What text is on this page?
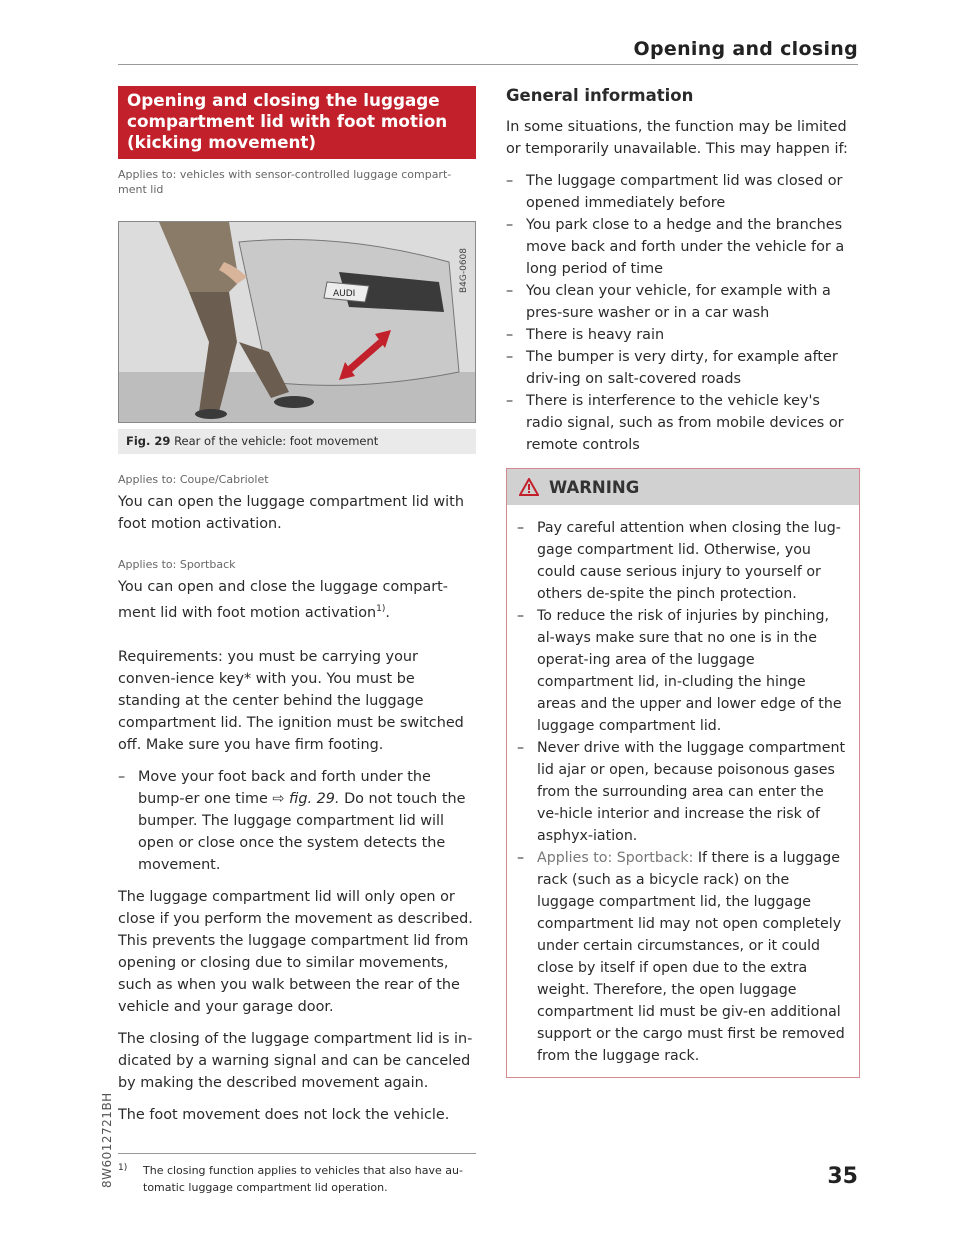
Opening and closing
Opening and closing the luggage compartment lid with foot motion (kicking movement)
Applies to: vehicles with sensor-controlled luggage compart-ment lid
AUDI
B4G-0608
Fig. 29 Rear of the vehicle: foot movement
Applies to: Coupe/Cabriolet

You can open the luggage compartment lid with foot motion activation.

Applies to: Sportback

You can open and close the luggage compart-ment lid with foot motion activation$^{1)}$.

Requirements: you must be carrying your conven-ience key* with you. You must be standing at the center behind the luggage compartment lid. The ignition must be switched off. Make sure you have firm footing.

– Move your foot back and forth under the bump-er one time ⇨ fig. 29. Do not touch the bumper. The luggage compartment lid will open or close once the system detects the movement.

The luggage compartment lid will only open or close if you perform the movement as described. This prevents the luggage compartment lid from opening or closing due to similar movements, such as when you walk between the rear of the vehicle and your garage door.

The closing of the luggage compartment lid is in-dicated by a warning signal and can be canceled by making the described movement again.

The foot movement does not lock the vehicle.

1) The closing function applies to vehicles that also have au-tomatic luggage compartment lid operation.
General information

In some situations, the function may be limited or temporarily unavailable. This may happen if:

– The luggage compartment lid was closed or opened immediately before
– You park close to a hedge and the branches move back and forth under the vehicle for a long period of time
– You clean your vehicle, for example with a pres-sure washer or in a car wash
– There is heavy rain
– The bumper is very dirty, for example after driv-ing on salt-covered roads
– There is interference to the vehicle key's radio signal, such as from mobile devices or remote controls
WARNING
– Pay careful attention when closing the lug-gage compartment lid. Otherwise, you could cause serious injury to yourself or others de-spite the pinch protection.
– To reduce the risk of injuries by pinching, al-ways make sure that no one is in the operat-ing area of the luggage compartment lid, in-cluding the hinge areas and the upper and lower edge of the luggage compartment lid.
– Never drive with the luggage compartment lid ajar or open, because poisonous gases from the surrounding area can enter the ve-hicle interior and increase the risk of asphyx-iation.
– Applies to: Sportback: If there is a luggage rack (such as a bicycle rack) on the luggage compartment lid, the luggage compartment lid may not open completely under certain circumstances, or it could close by itself if open due to the extra weight. Therefore, the open luggage compartment lid must be giv-en additional support or the cargo must first be removed from the luggage rack.
8W6012721BH	35
